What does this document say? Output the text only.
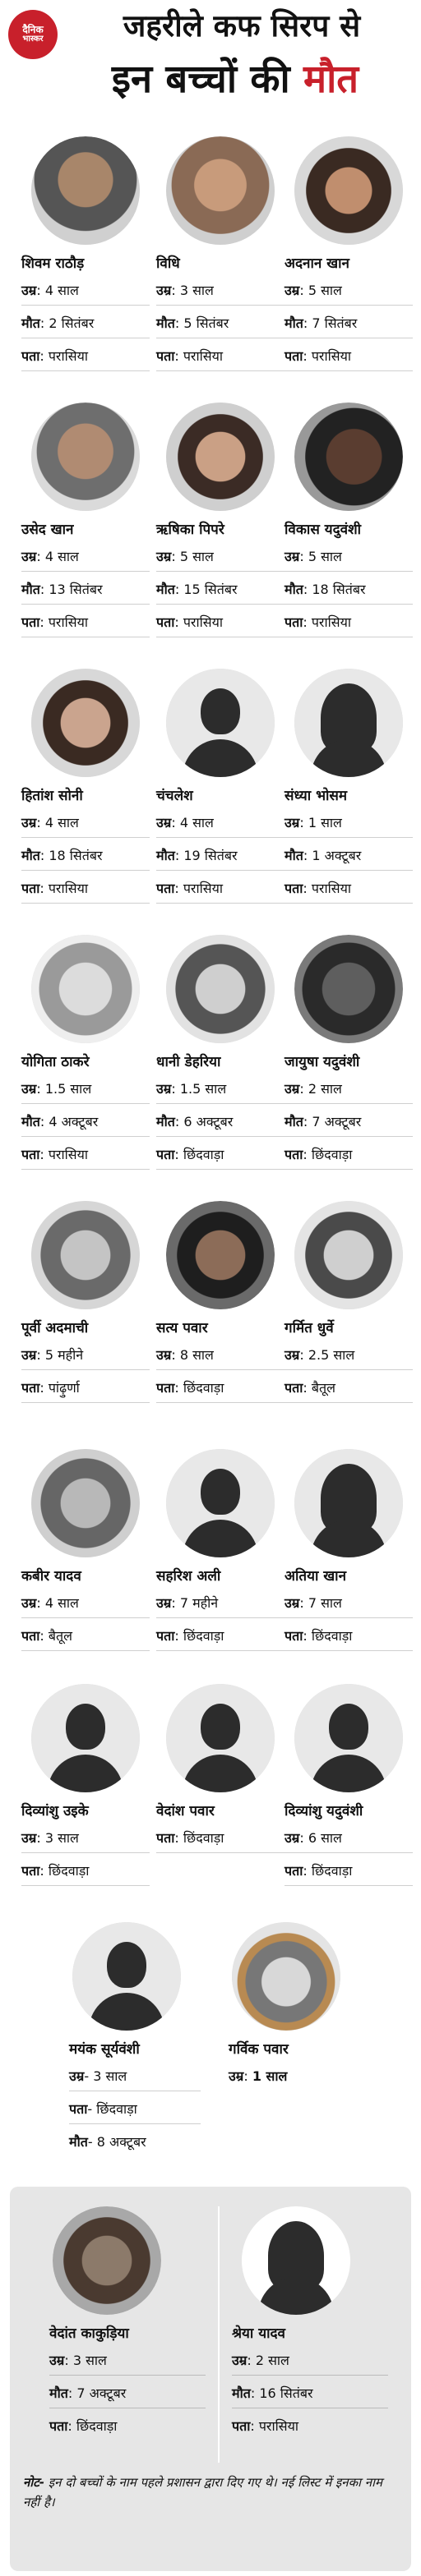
दैनिक
भास्कर	जहरीले कफ सिरप से
इन बच्चों की मौत
शिवम राठौड़
उम्र: 4 साल
मौत: 2 सितंबर
पता: परासिया
विधि
उम्र: 3 साल
मौत: 5 सितंबर
पता: परासिया
अदनान खान
उम्र: 5 साल
मौत: 7 सितंबर
पता: परासिया
उसेद खान
उम्र: 4 साल
मौत: 13 सितंबर
पता: परासिया
ऋषिका पिपरे
उम्र: 5 साल
मौत: 15 सितंबर
पता: परासिया
विकास यदुवंशी
उम्र: 5 साल
मौत: 18 सितंबर
पता: परासिया
हितांश सोनी
उम्र: 4 साल
मौत: 18 सितंबर
पता: परासिया
चंचलेश
उम्र: 4 साल
मौत: 19 सितंबर
पता: परासिया
संध्या भोसम
उम्र: 1 साल
मौत: 1 अक्टूबर
पता: परासिया
योगिता ठाकरे
उम्र: 1.5 साल
मौत: 4 अक्टूबर
पता: परासिया
धानी डेहरिया
उम्र: 1.5 साल
मौत: 6 अक्टूबर
पता: छिंदवाड़ा
जायुषा यदुवंशी
उम्र: 2 साल
मौत: 7 अक्टूबर
पता: छिंदवाड़ा
पूर्वी अदमाची
उम्र: 5 महीने
पता: पांढ़ुर्णा
सत्य पवार
उम्र: 8 साल
पता: छिंदवाड़ा
गर्मित धुर्वे
उम्र: 2.5 साल
पता: बैतूल
कबीर यादव
उम्र: 4 साल
पता: बैतूल
सहरिश अली
उम्र: 7 महीने
पता: छिंदवाड़ा
अतिया खान
उम्र: 7 साल
पता: छिंदवाड़ा
दिव्यांशु उइके
उम्र: 3 साल
पता: छिंदवाड़ा
वेदांश पवार
पता: छिंदवाड़ा
दिव्यांशु यदुवंशी
उम्र: 6 साल
पता: छिंदवाड़ा
मयंक सूर्यवंशी
उम्र- 3 साल
पता- छिंदवाड़ा
मौत- 8 अक्टूबर
गर्विक पवार
उम्र: 1 साल
वेदांत काकुड़िया
उम्र: 3 साल
मौत: 7 अक्टूबर
पता: छिंदवाड़ा
श्रेया यादव
उम्र: 2 साल
मौत: 16 सितंबर
पता: परासिया
नोट- इन दो बच्चों के नाम पहले प्रशासन द्वारा दिए गए थे। नई लिस्ट में इनका नाम नहीं है।
